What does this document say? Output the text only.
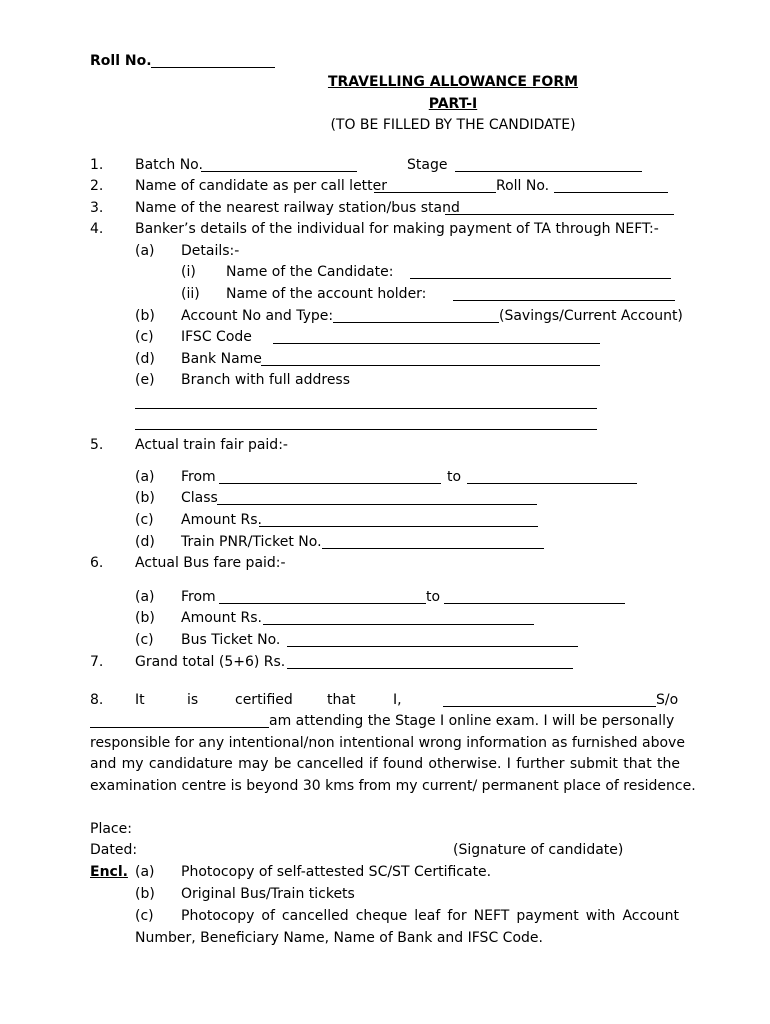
Roll No.
TRAVELLING ALLOWANCE FORM
PART-I
(TO BE FILLED BY THE CANDIDATE)
1. Batch No.	Stage
2. Name of candidate as per call letter	Roll No.
3. Name of the nearest railway station/bus stand
4. Banker’s details of the individual for making payment of TA through NEFT:-
(a) Details:-
(i) Name of the Candidate:
(ii) Name of the account holder:
(b) Account No and Type:	(Savings/Current Account)
(c) IFSC Code
(d) Bank Name
(e) Branch with full address
5. Actual train fair paid:-
(a) From	to
(b) Class
(c) Amount Rs.
(d) Train PNR/Ticket No.
6. Actual Bus fare paid:-
(a) From	to
(b) Amount Rs.
(c) Bus Ticket No.
7. Grand total (5+6) Rs.
8. It	is	certified that	I,	S/o
am attending the Stage I online exam. I will be personally
responsible for any intentional/non intentional wrong information as furnished above
and my candidature may be cancelled if found otherwise. I further submit that the
examination centre is beyond 30 kms from my current/ permanent place of residence.
Place:
Dated:	(Signature of candidate)
Encl. (a) Photocopy of self-attested SC/ST Certificate.
(b) Original Bus/Train tickets
(c) Photocopy of cancelled cheque leaf for NEFT payment with Account
Number, Beneficiary Name, Name of Bank and IFSC Code.
